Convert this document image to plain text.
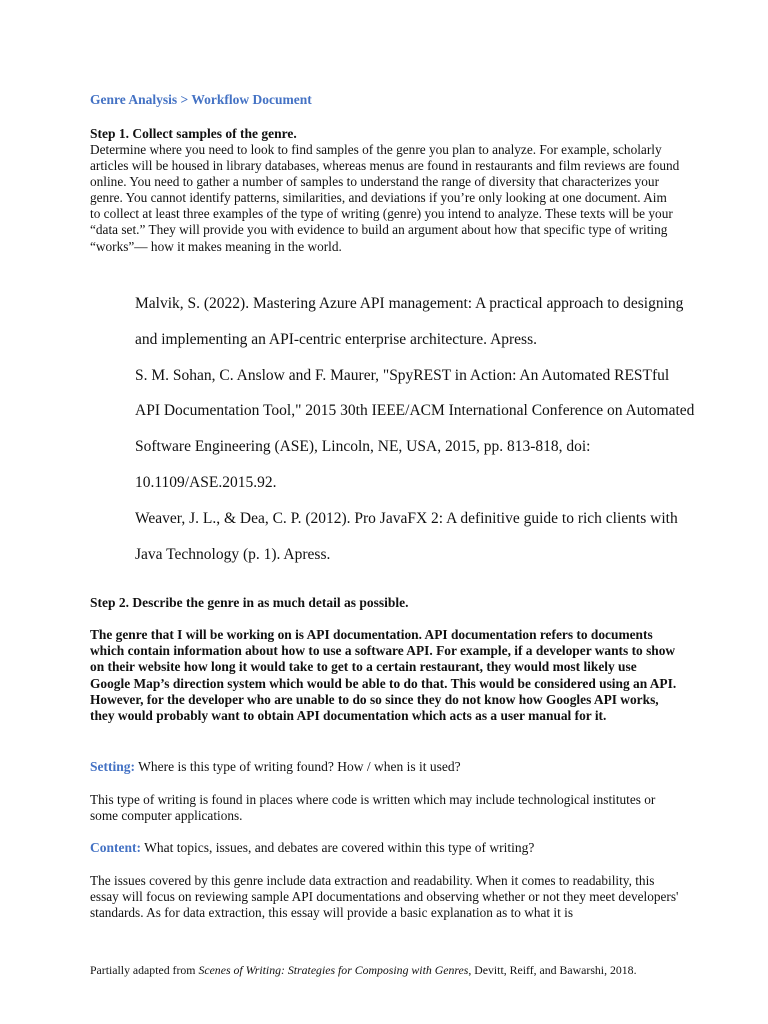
Genre Analysis > Workflow Document
Step 1. Collect samples of the genre.
Determine where you need to look to find samples of the genre you plan to analyze. For example, scholarly articles will be housed in library databases, whereas menus are found in restaurants and film reviews are found online. You need to gather a number of samples to understand the range of diversity that characterizes your genre. You cannot identify patterns, similarities, and deviations if you’re only looking at one document. Aim to collect at least three examples of the type of writing (genre) you intend to analyze. These texts will be your “data set.” They will provide you with evidence to build an argument about how that specific type of writing “works”— how it makes meaning in the world.

Malvik, S. (2022). Mastering Azure API management: A practical approach to designing and implementing an API-centric enterprise architecture. Apress.

S. M. Sohan, C. Anslow and F. Maurer, "SpyREST in Action: An Automated RESTful API Documentation Tool," 2015 30th IEEE/ACM International Conference on Automated Software Engineering (ASE), Lincoln, NE, USA, 2015, pp. 813-818, doi: 10.1109/ASE.2015.92.

Weaver, J. L., & Dea, C. P. (2012). Pro JavaFX 2: A definitive guide to rich clients with Java Technology (p. 1). Apress.

Step 2. Describe the genre in as much detail as possible.
The genre that I will be working on is API documentation. API documentation refers to documents which contain information about how to use a software API. For example, if a developer wants to show on their website how long it would take to get to a certain restaurant, they would most likely use Google Map’s direction system which would be able to do that. This would be considered using an API. However, for the developer who are unable to do so since they do not know how Googles API works, they would probably want to obtain API documentation which acts as a user manual for it.
Setting: Where is this type of writing found? How / when is it used?
This type of writing is found in places where code is written which may include technological institutes or some computer applications.
Content: What topics, issues, and debates are covered within this type of writing?
The issues covered by this genre include data extraction and readability. When it comes to readability, this essay will focus on reviewing sample API documentations and observing whether or not they meet developers' standards. As for data extraction, this essay will provide a basic explanation as to what it is
Partially adapted from Scenes of Writing: Strategies for Composing with Genres, Devitt, Reiff, and Bawarshi, 2018.
